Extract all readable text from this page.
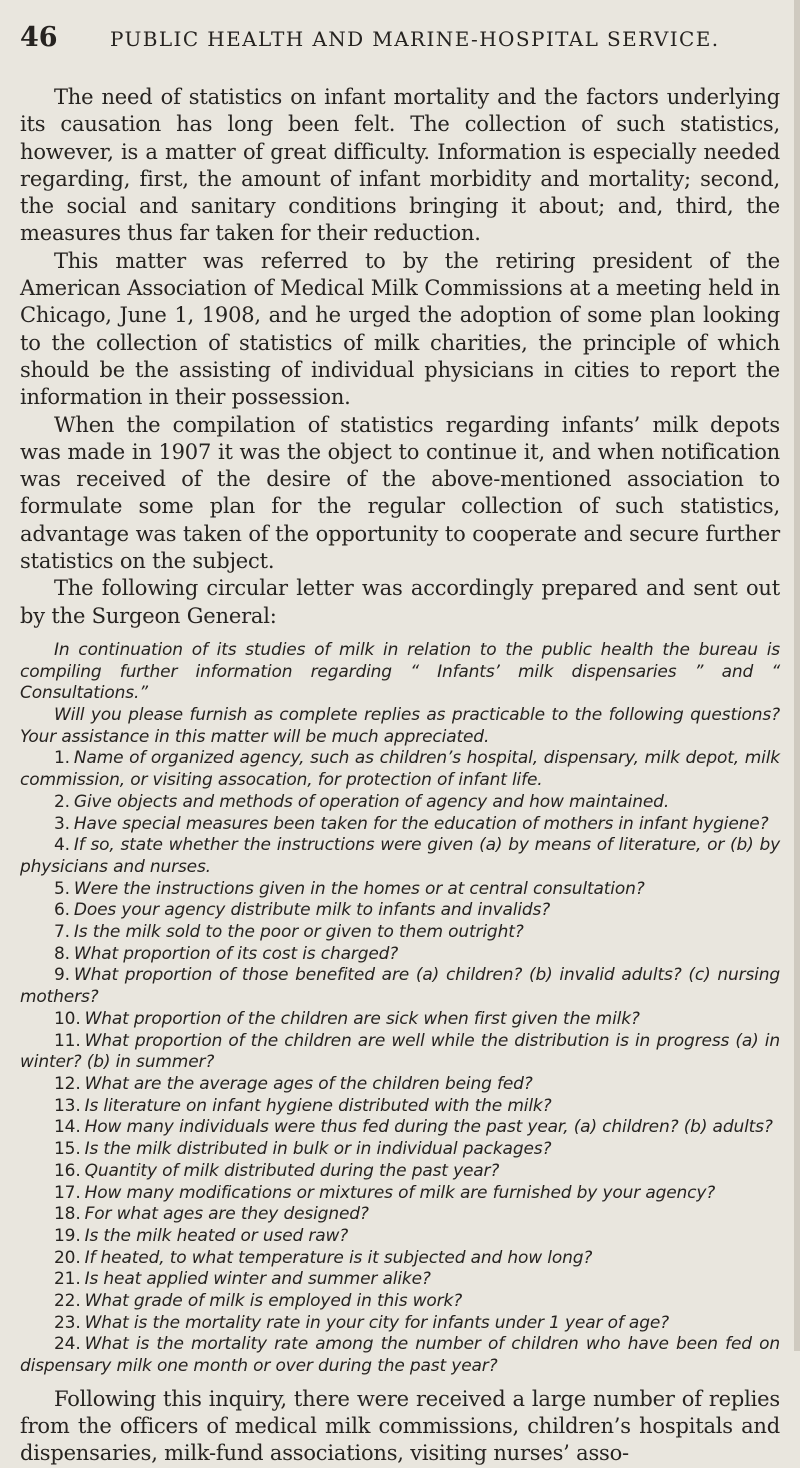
46	PUBLIC HEALTH AND MARINE-HOSPITAL SERVICE.

The need of statistics on infant mortality and the factors underlying its causation has long been felt. The collection of such statistics, however, is a matter of great difficulty. Information is especially needed regarding, first, the amount of infant morbidity and mortality; second, the social and sanitary conditions bringing it about; and, third, the measures thus far taken for their reduction.

This matter was referred to by the retiring president of the American Association of Medical Milk Commissions at a meeting held in Chicago, June 1, 1908, and he urged the adoption of some plan looking to the collection of statistics of milk charities, the principle of which should be the assisting of individual physicians in cities to report the information in their possession.

When the compilation of statistics regarding infants’ milk depots was made in 1907 it was the object to continue it, and when notification was received of the desire of the above-mentioned association to formulate some plan for the regular collection of such statistics, advantage was taken of the opportunity to cooperate and secure further statistics on the subject.

The following circular letter was accordingly prepared and sent out by the Surgeon General:

In continuation of its studies of milk in relation to the public health the bureau is compiling further information regarding “ Infants’ milk dispensaries ” and “ Consultations.”

Will you please furnish as complete replies as practicable to the following questions? Your assistance in this matter will be much appreciated.

1. Name of organized agency, such as children’s hospital, dispensary, milk depot, milk commission, or visiting assocation, for protection of infant life.
2. Give objects and methods of operation of agency and how maintained.
3. Have special measures been taken for the education of mothers in infant hygiene?
4. If so, state whether the instructions were given (a) by means of literature, or (b) by physicians and nurses.
5. Were the instructions given in the homes or at central consultation?
6. Does your agency distribute milk to infants and invalids?
7. Is the milk sold to the poor or given to them outright?
8. What proportion of its cost is charged?
9. What proportion of those benefited are (a) children? (b) invalid adults? (c) nursing mothers?
10. What proportion of the children are sick when first given the milk?
11. What proportion of the children are well while the distribution is in progress (a) in winter? (b) in summer?
12. What are the average ages of the children being fed?
13. Is literature on infant hygiene distributed with the milk?
14. How many individuals were thus fed during the past year, (a) children? (b) adults?
15. Is the milk distributed in bulk or in individual packages?
16. Quantity of milk distributed during the past year?
17. How many modifications or mixtures of milk are furnished by your agency?
18. For what ages are they designed?
19. Is the milk heated or used raw?
20. If heated, to what temperature is it subjected and how long?
21. Is heat applied winter and summer alike?
22. What grade of milk is employed in this work?
23. What is the mortality rate in your city for infants under 1 year of age?
24. What is the mortality rate among the number of children who have been fed on dispensary milk one month or over during the past year?

Following this inquiry, there were received a large number of replies from the officers of medical milk commissions, children’s hospitals and dispensaries, milk-fund associations, visiting nurses’ asso-
